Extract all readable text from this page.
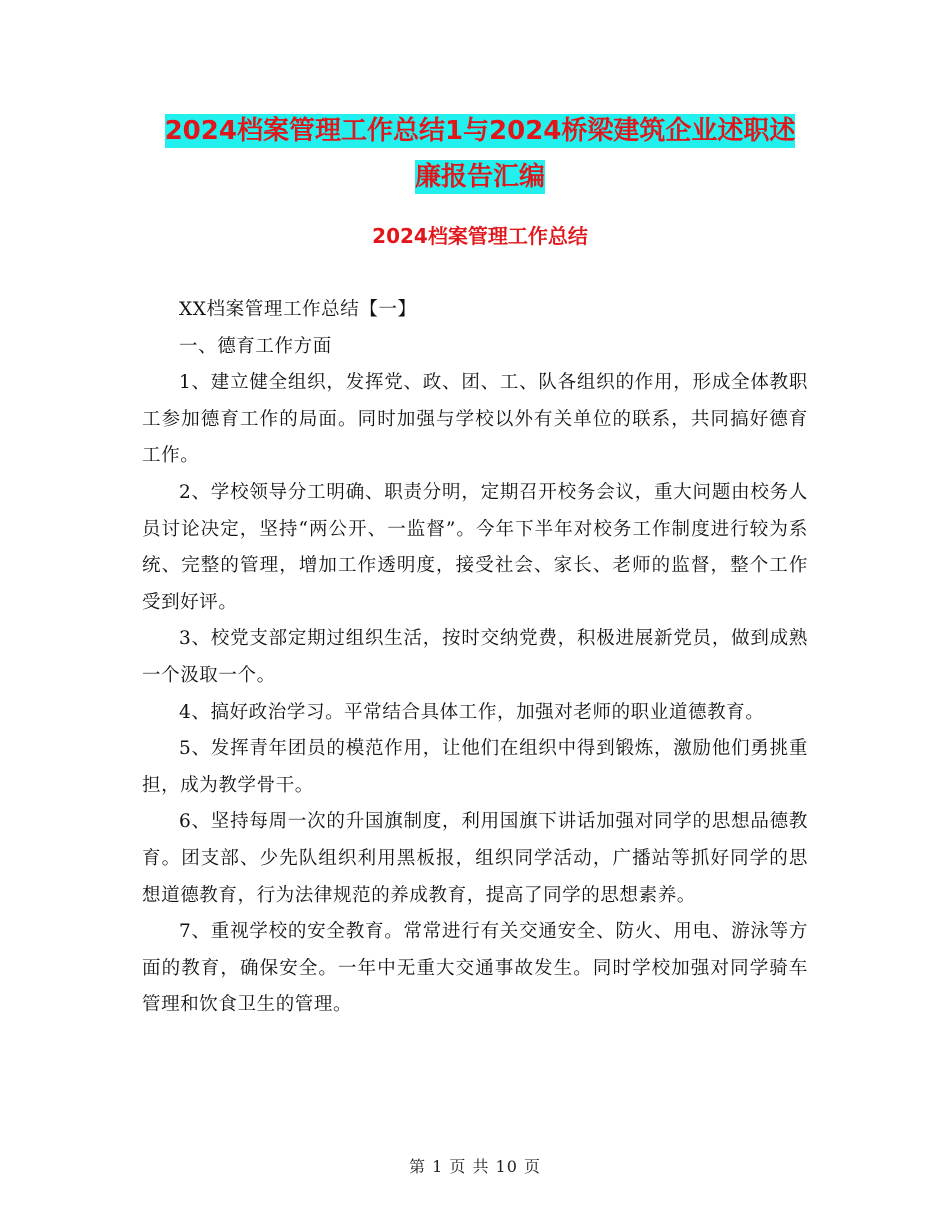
2024档案管理工作总结1与2024桥梁建筑企业述职述
廉报告汇编
2024档案管理工作总结

XX档案管理工作总结【一】

一、德育工作方面

1、建立健全组织，发挥党、政、团、工、队各组织的作用，形成全体教职工参加德育工作的局面。同时加强与学校以外有关单位的联系，共同搞好德育工作。

2、学校领导分工明确、职责分明，定期召开校务会议，重大问题由校务人员讨论决定，坚持“两公开、一监督”。今年下半年对校务工作制度进行较为系统、完整的管理，增加工作透明度，接受社会、家长、老师的监督，整个工作受到好评。

3、校党支部定期过组织生活，按时交纳党费，积极进展新党员，做到成熟一个汲取一个。

4、搞好政治学习。平常结合具体工作，加强对老师的职业道德教育。

5、发挥青年团员的模范作用，让他们在组织中得到锻炼，激励他们勇挑重担，成为教学骨干。

6、坚持每周一次的升国旗制度，利用国旗下讲话加强对同学的思想品德教育。团支部、少先队组织利用黑板报，组织同学活动，广播站等抓好同学的思想道德教育，行为法律规范的养成教育，提高了同学的思想素养。

7、重视学校的安全教育。常常进行有关交通安全、防火、用电、游泳等方面的教育，确保安全。一年中无重大交通事故发生。同时学校加强对同学骑车管理和饮食卫生的管理。

第 1 页 共 10 页
